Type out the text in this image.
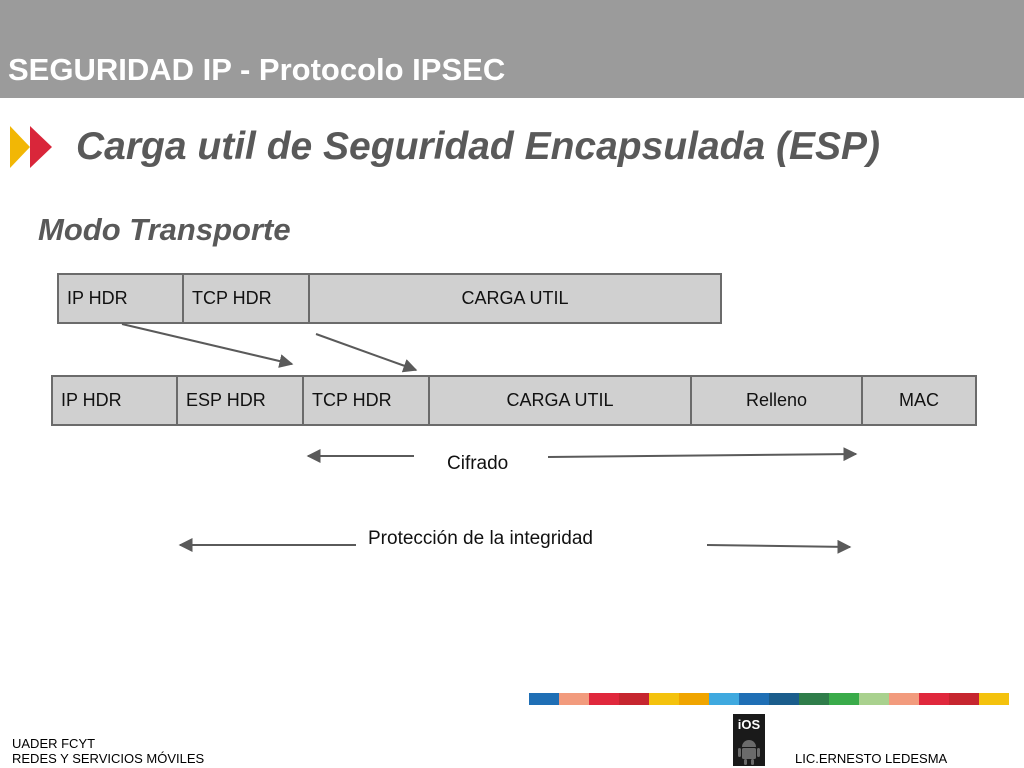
SEGURIDAD IP - Protocolo IPSEC
Carga util de Seguridad Encapsulada (ESP)
Modo Transporte
IP HDR	TCP HDR	CARGA UTIL
IP HDR	ESP HDR	TCP HDR	CARGA UTIL	Relleno	MAC
Cifrado
Protección de la integridad
UADER FCYT
REDES Y SERVICIOS MÓVILES
iOS
LIC.ERNESTO LEDESMA
